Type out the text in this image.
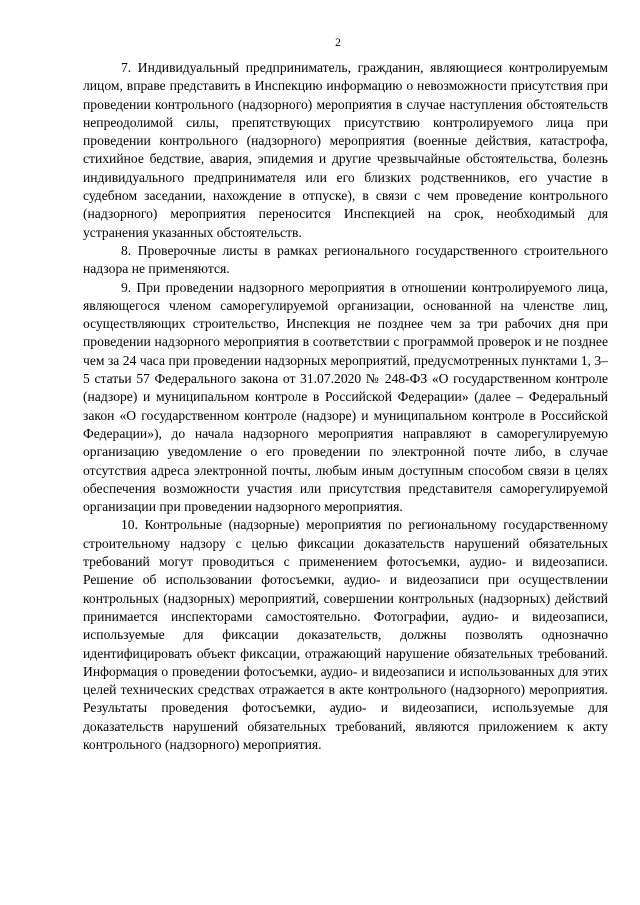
2

7. Индивидуальный предприниматель, гражданин, являющиеся контролируемым лицом, вправе представить в Инспекцию информацию о невозможности присутствия при проведении контрольного (надзорного) мероприятия в случае наступления обстоятельств непреодолимой силы, препятствующих присутствию контролируемого лица при проведении контрольного (надзорного) мероприятия (военные действия, катастрофа, стихийное бедствие, авария, эпидемия и другие чрезвычайные обстоятельства, болезнь индивидуального предпринимателя или его близких родственников, его участие в судебном заседании, нахождение в отпуске), в связи с чем проведение контрольного (надзорного) мероприятия переносится Инспекцией на срок, необходимый для устранения указанных обстоятельств.

8. Проверочные листы в рамках регионального государственного строительного надзора не применяются.

9. При проведении надзорного мероприятия в отношении контролируемого лица, являющегося членом саморегулируемой организации, основанной на членстве лиц, осуществляющих строительство, Инспекция не позднее чем за три рабочих дня при проведении надзорного мероприятия в соответствии с программой проверок и не позднее чем за 24 часа при проведении надзорных мероприятий, предусмотренных пунктами 1, 3–5 статьи 57 Федерального закона от 31.07.2020 № 248-ФЗ «О государственном контроле (надзоре) и муниципальном контроле в Российской Федерации» (далее – Федеральный закон «О государственном контроле (надзоре) и муниципальном контроле в Российской Федерации»), до начала надзорного мероприятия направляют в саморегулируемую организацию уведомление о его проведении по электронной почте либо, в случае отсутствия адреса электронной почты, любым иным доступным способом связи в целях обеспечения возможности участия или присутствия представителя саморегулируемой организации при проведении надзорного мероприятия.

10. Контрольные (надзорные) мероприятия по региональному государственному строительному надзору с целью фиксации доказательств нарушений обязательных требований могут проводиться с применением фотосъемки, аудио- и видеозаписи. Решение об использовании фотосъемки, аудио- и видеозаписи при осуществлении контрольных (надзорных) мероприятий, совершении контрольных (надзорных) действий принимается инспекторами самостоятельно. Фотографии, аудио- и видеозаписи, используемые для фиксации доказательств, должны позволять однозначно идентифицировать объект фиксации, отражающий нарушение обязательных требований. Информация о проведении фотосъемки, аудио- и видеозаписи и использованных для этих целей технических средствах отражается в акте контрольного (надзорного) мероприятия. Результаты проведения фотосъемки, аудио- и видеозаписи, используемые для доказательств нарушений обязательных требований, являются приложением к акту контрольного (надзорного) мероприятия.
